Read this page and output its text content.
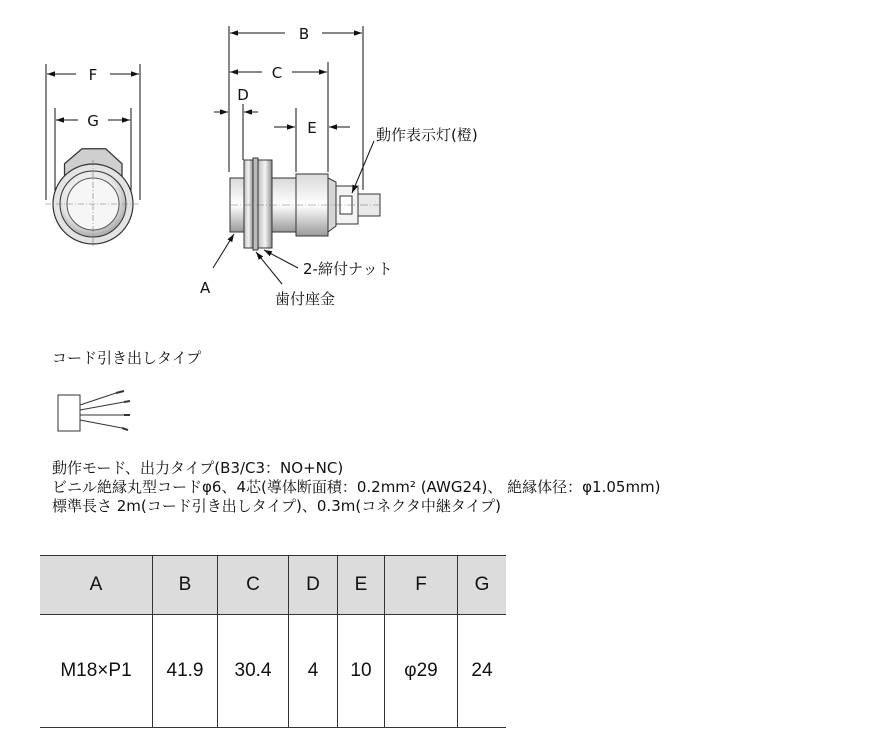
F
G
B
C
D
E	動作表示灯(橙)
A
2-締付ナット
歯付座金
コード引き出しタイプ
動作モード、出力タイプ(B3/C3：NO+NC)
ビニル絶縁丸型コードφ6、4芯(導体断面積：0.2mm² (AWG24)、 絶縁体径：φ1.05mm)
標準長さ 2m(コード引き出しタイプ)、0.3m(コネクタ中継タイプ)
A	B	C	D	E	F	G
M18×P1	41.9	30.4	4	10	φ29	24
